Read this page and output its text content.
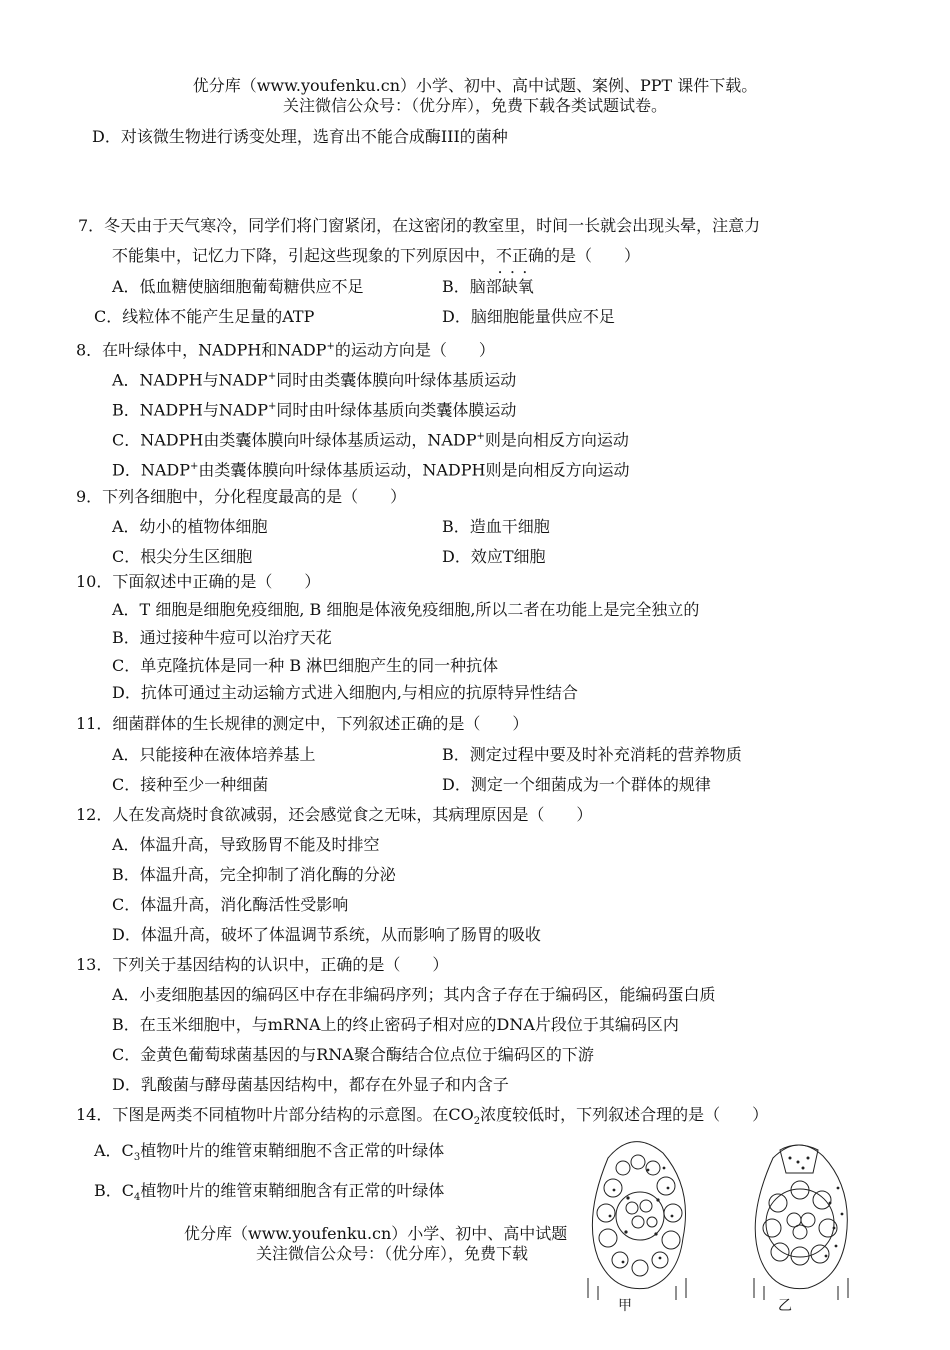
优分库（www.youfenku.cn）小学、初中、高中试题、案例、PPT 课件下载。
关注微信公众号：（优分库），免费下载各类试题试卷。
D．对该微生物进行诱变处理，选育出不能合成酶III的菌种
7．冬天由于天气寒冷，同学们将门窗紧闭，在这密闭的教室里，时间一长就会出现头晕，注意力
不能集中，记忆力下降，引起这些现象的下列原因中，不正确 • • •的是（　　）
A．低血糖使脑细胞葡萄糖供应不足	B．脑部缺氧
C．线粒体不能产生足量的ATP	D．脑细胞能量供应不足
8．在叶绿体中，NADPH和NADP+的运动方向是（　　）
A．NADPH与NADP+同时由类囊体膜向叶绿体基质运动
B．NADPH与NADP+同时由叶绿体基质向类囊体膜运动
C．NADPH由类囊体膜向叶绿体基质运动，NADP+则是向相反方向运动
D．NADP+由类囊体膜向叶绿体基质运动，NADPH则是向相反方向运动
9．下列各细胞中，分化程度最高的是（　　）
A．幼小的植物体细胞	B．造血干细胞
C．根尖分生区细胞	D．效应T细胞
10．下面叙述中正确的是（　　）
A．T 细胞是细胞免疫细胞, B 细胞是体液免疫细胞,所以二者在功能上是完全独立的
B．通过接种牛痘可以治疗天花
C．单克隆抗体是同一种 B 淋巴细胞产生的同一种抗体
D．抗体可通过主动运输方式进入细胞内,与相应的抗原特异性结合
11．细菌群体的生长规律的测定中，下列叙述正确的是（　　）
A．只能接种在液体培养基上	B．测定过程中要及时补充消耗的营养物质
C．接种至少一种细菌	D．测定一个细菌成为一个群体的规律
12．人在发高烧时食欲减弱，还会感觉食之无味，其病理原因是（　　）
A．体温升高，导致肠胃不能及时排空
B．体温升高，完全抑制了消化酶的分泌
C．体温升高，消化酶活性受影响
D．体温升高，破坏了体温调节系统，从而影响了肠胃的吸收
13．下列关于基因结构的认识中，正确的是（　　）
A．小麦细胞基因的编码区中存在非编码序列；其内含子存在于编码区，能编码蛋白质
B．在玉米细胞中，与mRNA上的终止密码子相对应的DNA片段位于其编码区内
C．金黄色葡萄球菌基因的与RNA聚合酶结合位点位于编码区的下游
D．乳酸菌与酵母菌基因结构中，都存在外显子和内含子
14．下图是两类不同植物叶片部分结构的示意图。在$CO_2$浓度较低时，下列叙述合理的是（　　）
A．$C_3$植物叶片的维管束鞘细胞不含正常的叶绿体
B．$C_4$植物叶片的维管束鞘细胞含有正常的叶绿体
优分库（www.youfenku.cn）小学、初中、高中试题
关注微信公众号：（优分库），免费下载
甲	乙
